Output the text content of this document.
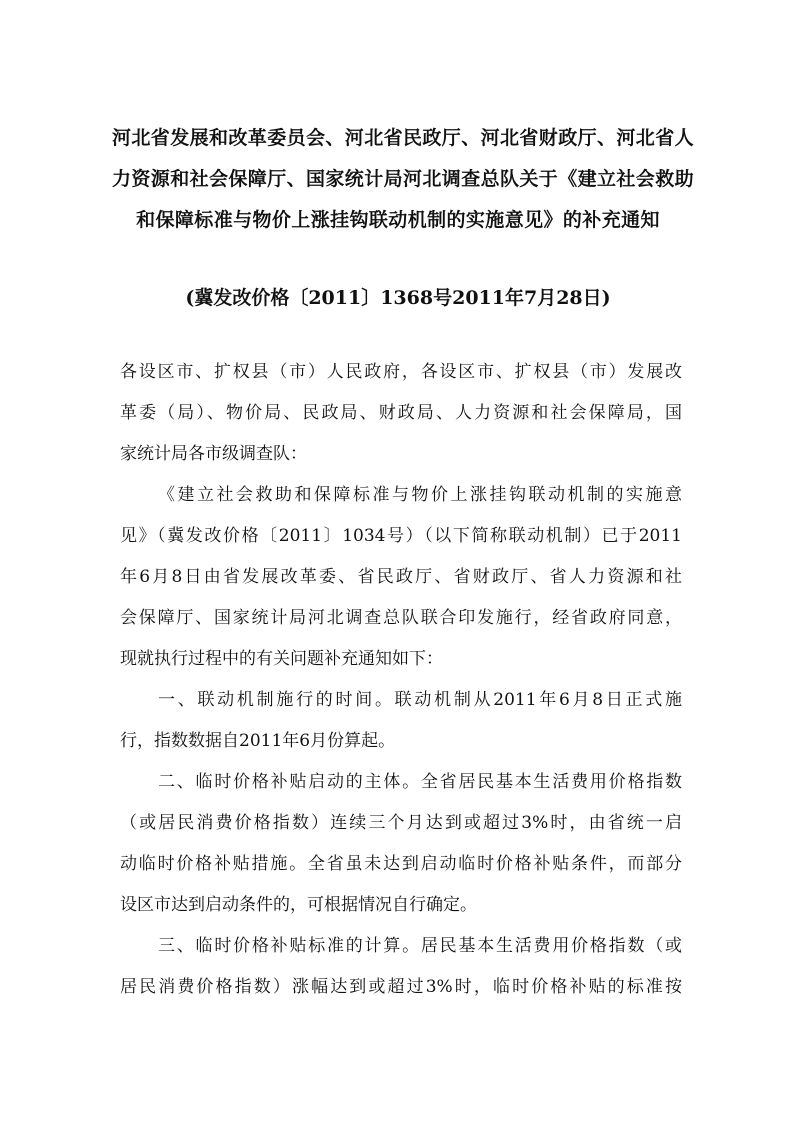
河北省发展和改革委员会、河北省民政厅、河北省财政厅、河北省人
力资源和社会保障厅、国家统计局河北调查总队关于《建立社会救助
和保障标准与物价上涨挂钩联动机制的实施意见》的补充通知
(冀发改价格〔2011〕1368号2011年7月28日)
各设区市、扩权县（市）人民政府，各设区市、扩权县（市）发展改
革委（局）、物价局、民政局、财政局、人力资源和社会保障局，国
家统计局各市级调查队：
《建立社会救助和保障标准与物价上涨挂钩联动机制的实施意
见》（冀发改价格〔2011〕1034号）（以下简称联动机制）已于2011
年6月8日由省发展改革委、省民政厅、省财政厅、省人力资源和社
会保障厅、国家统计局河北调查总队联合印发施行，经省政府同意，
现就执行过程中的有关问题补充通知如下：
一、联动机制施行的时间。联动机制从2011年6月8日正式施
行，指数数据自2011年6月份算起。
二、临时价格补贴启动的主体。全省居民基本生活费用价格指数
（或居民消费价格指数）连续三个月达到或超过3%时，由省统一启
动临时价格补贴措施。全省虽未达到启动临时价格补贴条件，而部分
设区市达到启动条件的，可根据情况自行确定。
三、临时价格补贴标准的计算。居民基本生活费用价格指数（或
居民消费价格指数）涨幅达到或超过3%时，临时价格补贴的标准按
